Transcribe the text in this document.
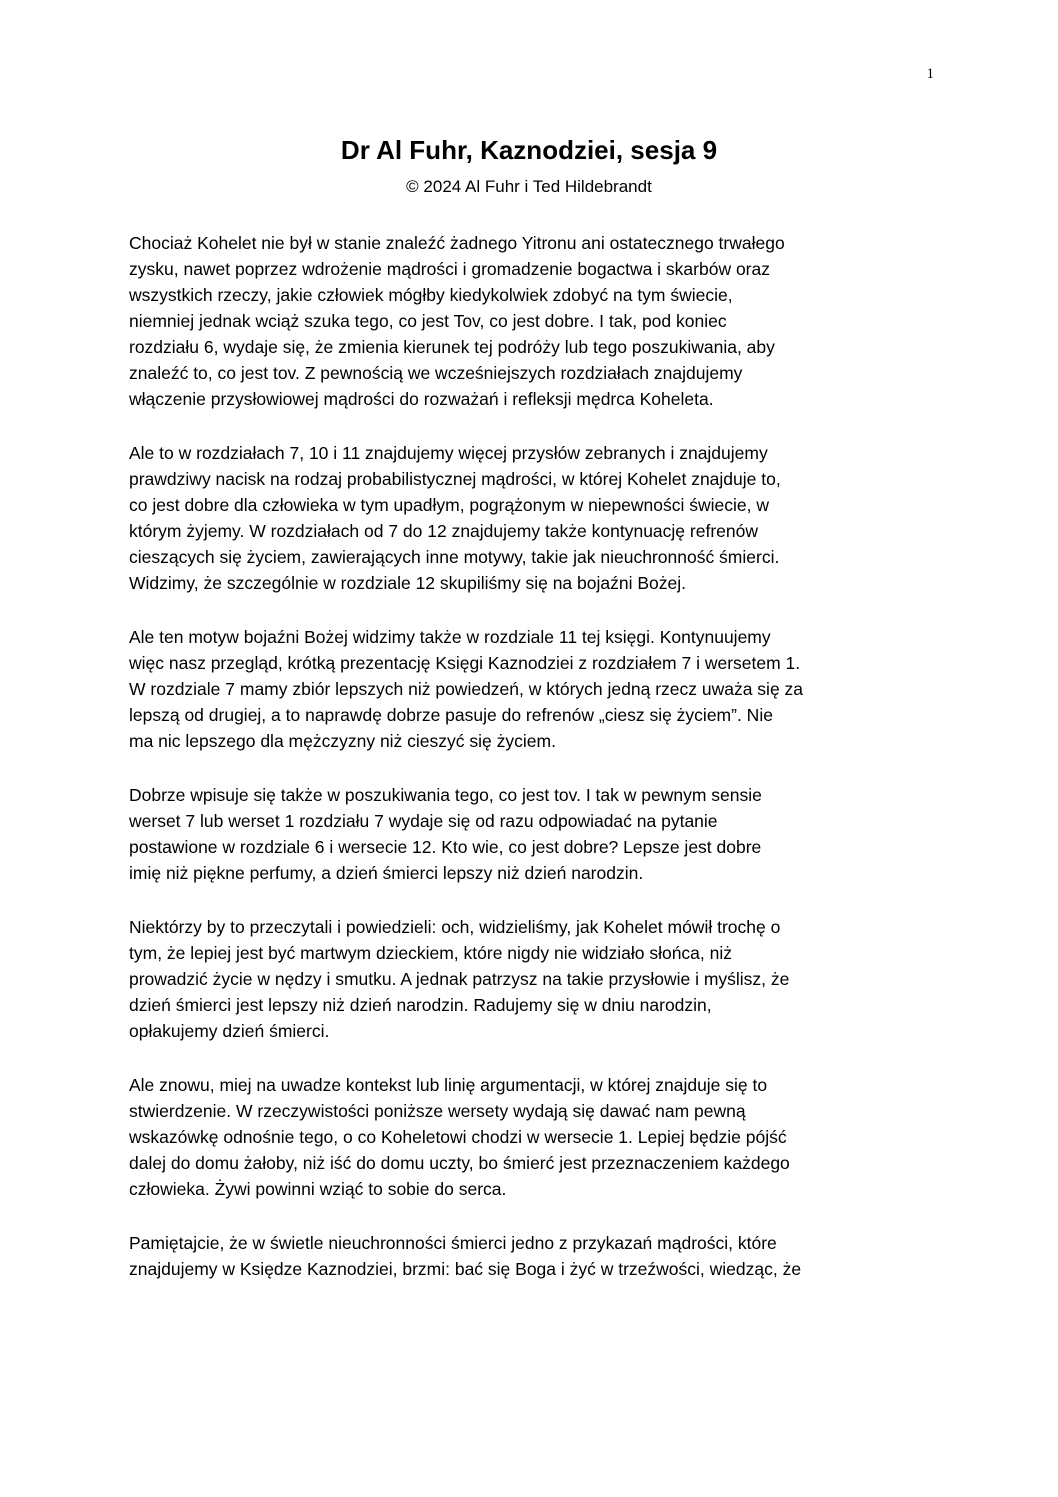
1
Dr Al Fuhr, Kaznodziei, sesja 9
© 2024 Al Fuhr i Ted Hildebrandt

Chociaż Kohelet nie był w stanie znaleźć żadnego Yitronu ani ostatecznego trwałego
zysku, nawet poprzez wdrożenie mądrości i gromadzenie bogactwa i skarbów oraz
wszystkich rzeczy, jakie człowiek mógłby kiedykolwiek zdobyć na tym świecie,
niemniej jednak wciąż szuka tego, co jest Tov, co jest dobre. I tak, pod koniec
rozdziału 6, wydaje się, że zmienia kierunek tej podróży lub tego poszukiwania, aby
znaleźć to, co jest tov. Z pewnością we wcześniejszych rozdziałach znajdujemy
włączenie przysłowiowej mądrości do rozważań i refleksji mędrca Koheleta.

Ale to w rozdziałach 7, 10 i 11 znajdujemy więcej przysłów zebranych i znajdujemy
prawdziwy nacisk na rodzaj probabilistycznej mądrości, w której Kohelet znajduje to,
co jest dobre dla człowieka w tym upadłym, pogrążonym w niepewności świecie, w
którym żyjemy. W rozdziałach od 7 do 12 znajdujemy także kontynuację refrenów
cieszących się życiem, zawierających inne motywy, takie jak nieuchronność śmierci.
Widzimy, że szczególnie w rozdziale 12 skupiliśmy się na bojaźni Bożej.

Ale ten motyw bojaźni Bożej widzimy także w rozdziale 11 tej księgi. Kontynuujemy
więc nasz przegląd, krótką prezentację Księgi Kaznodziei z rozdziałem 7 i wersetem 1.
W rozdziale 7 mamy zbiór lepszych niż powiedzeń, w których jedną rzecz uważa się za
lepszą od drugiej, a to naprawdę dobrze pasuje do refrenów „ciesz się życiem”. Nie
ma nic lepszego dla mężczyzny niż cieszyć się życiem.

Dobrze wpisuje się także w poszukiwania tego, co jest tov. I tak w pewnym sensie
werset 7 lub werset 1 rozdziału 7 wydaje się od razu odpowiadać na pytanie
postawione w rozdziale 6 i wersecie 12. Kto wie, co jest dobre? Lepsze jest dobre
imię niż piękne perfumy, a dzień śmierci lepszy niż dzień narodzin.

Niektórzy by to przeczytali i powiedzieli: och, widzieliśmy, jak Kohelet mówił trochę o
tym, że lepiej jest być martwym dzieckiem, które nigdy nie widziało słońca, niż
prowadzić życie w nędzy i smutku. A jednak patrzysz na takie przysłowie i myślisz, że
dzień śmierci jest lepszy niż dzień narodzin. Radujemy się w dniu narodzin,
opłakujemy dzień śmierci.

Ale znowu, miej na uwadze kontekst lub linię argumentacji, w której znajduje się to
stwierdzenie. W rzeczywistości poniższe wersety wydają się dawać nam pewną
wskazówkę odnośnie tego, o co Koheletowi chodzi w wersecie 1. Lepiej będzie pójść
dalej do domu żałoby, niż iść do domu uczty, bo śmierć jest przeznaczeniem każdego
człowieka. Żywi powinni wziąć to sobie do serca.

Pamiętajcie, że w świetle nieuchronności śmierci jedno z przykazań mądrości, które
znajdujemy w Księdze Kaznodziei, brzmi: bać się Boga i żyć w trzeźwości, wiedząc, że
